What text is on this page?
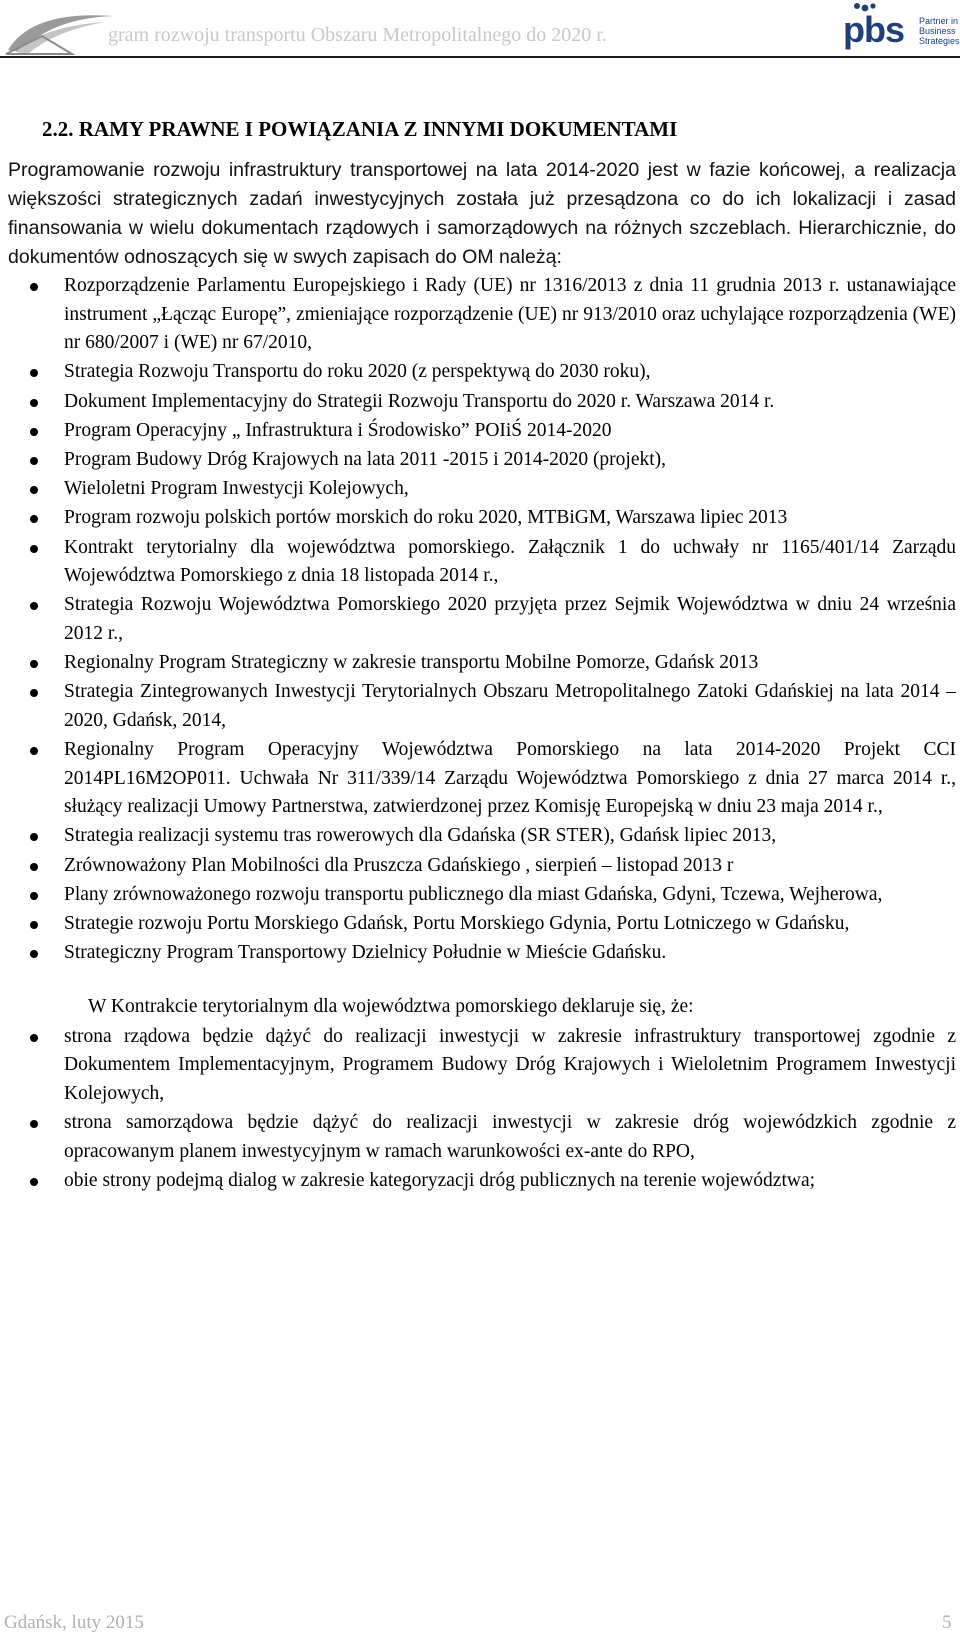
gram rozwoju transportu Obszaru Metropolitalnego do 2020 r.	pbs Partner in
Business
Strategies
2.2. RAMY PRAWNE I POWIĄZANIA Z INNYMI DOKUMENTAMI

Programowanie rozwoju infrastruktury transportowej na lata 2014-2020 jest w fazie końcowej, a realizacja większości strategicznych zadań inwestycyjnych została już przesądzona co do ich lokalizacji i zasad finansowania w wielu dokumentach rządowych i samorządowych na różnych szczeblach. Hierarchicznie, do dokumentów odnoszących się w swych zapisach do OM należą:

Rozporządzenie Parlamentu Europejskiego i Rady (UE) nr 1316/2013 z dnia 11 grudnia 2013 r. ustanawiające instrument „Łącząc Europę”, zmieniające rozporządzenie (UE) nr 913/2010 oraz uchylające rozporządzenia (WE) nr 680/2007 i (WE) nr 67/2010,
Strategia Rozwoju Transportu do roku 2020 (z perspektywą do 2030 roku),
Dokument Implementacyjny do Strategii Rozwoju Transportu do 2020 r. Warszawa 2014 r.
Program Operacyjny „ Infrastruktura i Środowisko” POIiŚ 2014-2020
Program Budowy Dróg Krajowych na lata 2011 -2015 i 2014-2020 (projekt),
Wieloletni Program Inwestycji Kolejowych,
Program rozwoju polskich portów morskich do roku 2020, MTBiGM, Warszawa lipiec 2013
Kontrakt terytorialny dla województwa pomorskiego. Załącznik 1 do uchwały nr 1165/401/14 Zarządu Województwa Pomorskiego z dnia 18 listopada 2014 r.,
Strategia Rozwoju Województwa Pomorskiego 2020 przyjęta przez Sejmik Województwa w dniu 24 września 2012 r.,
Regionalny Program Strategiczny w zakresie transportu Mobilne Pomorze, Gdańsk 2013
Strategia Zintegrowanych Inwestycji Terytorialnych Obszaru Metropolitalnego Zatoki Gdańskiej na lata 2014 – 2020, Gdańsk, 2014,
Regionalny Program Operacyjny Województwa Pomorskiego na lata 2014-2020 Projekt CCI 2014PL16M2OP011. Uchwała Nr 311/339/14 Zarządu Województwa Pomorskiego z dnia 27 marca 2014 r., służący realizacji Umowy Partnerstwa, zatwierdzonej przez Komisję Europejską w dniu 23 maja 2014 r.,
Strategia realizacji systemu tras rowerowych dla Gdańska (SR STER), Gdańsk lipiec 2013,
Zrównoważony Plan Mobilności dla Pruszcza Gdańskiego , sierpień – listopad 2013 r
Plany zrównoważonego rozwoju transportu publicznego dla miast Gdańska, Gdyni, Tczewa, Wejherowa,
Strategie rozwoju Portu Morskiego Gdańsk, Portu Morskiego Gdynia, Portu Lotniczego w Gdańsku,
Strategiczny Program Transportowy Dzielnicy Południe w Mieście Gdańsku.

W Kontrakcie terytorialnym dla województwa pomorskiego deklaruje się, że:

strona rządowa będzie dążyć do realizacji inwestycji w zakresie infrastruktury transportowej zgodnie z Dokumentem Implementacyjnym, Programem Budowy Dróg Krajowych i Wieloletnim Programem Inwestycji Kolejowych,
strona samorządowa będzie dążyć do realizacji inwestycji w zakresie dróg wojewódzkich zgodnie z opracowanym planem inwestycyjnym w ramach warunkowości ex-ante do RPO,
obie strony podejmą dialog w zakresie kategoryzacji dróg publicznych na terenie województwa;
Gdańsk, luty 2015	5
